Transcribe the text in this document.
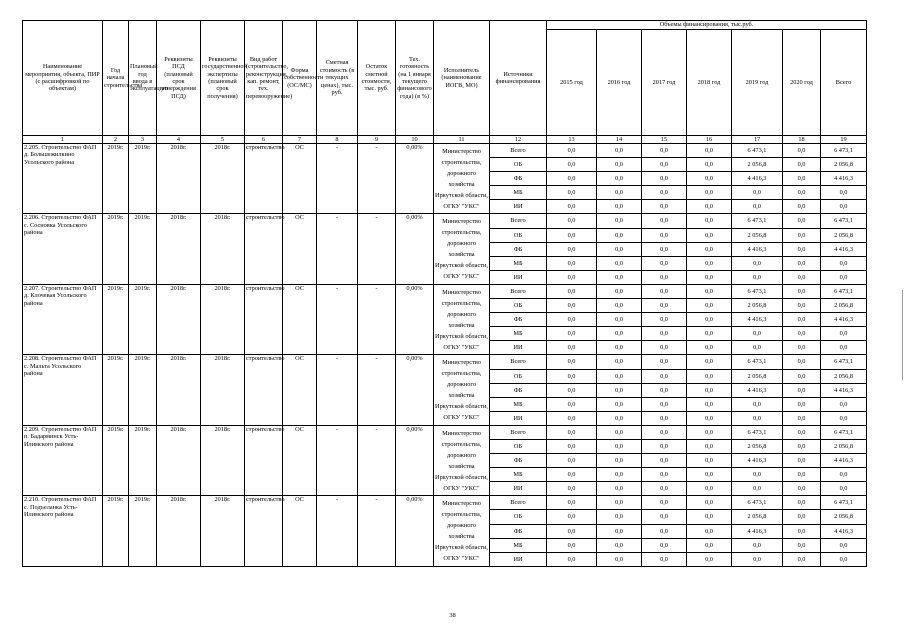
Наименование мероприятия, объекта, ПИР (с расшифровкой по объектам)	Год начала строительства	Плановый год ввода в эксплуатацию	Реквизиты ПСД (плановый срок утверждения ПСД)	Реквизиты государственной экспертизы (плановый срок получения)	Вид работ (строительство, реконструкция, кап. ремонт, тех. перевооружение)	Форма собственности (ОС/МС)	Сметная стоимость (в текущих ценах), тыс. руб.	Остаток сметной стоимости, тыс. руб.	Тех. готовность (на 1 января текущего финансового года) (в %)	Исполнитель (наименование ИОГВ, МО)	Источники финансирования	Объемы финансирования, тыс.руб.						
												2015 год	2016 год	2017 год	2018 год	2019 год	2020 год	Всего
1	2	3	4	5	6	7	8	9	10	11	12	13	14	15	16	17	18	19
2.205. Строительство ФАП д. Большежилкино Усольского района	2019г.	2019г.	2018г.	2018г.	строительство	ОС	-	-	0,00%	Министерство строительства, дорожного хозяйства Иркутской области, ОГКУ "УКС"	Всего	0,0	0,0	0,0	0,0	6 473,1	0,0	6 473,1
											ОБ	0,0	0,0	0,0	0,0	2 056,8	0,0	2 056,8
											ФБ	0,0	0,0	0,0	0,0	4 416,3	0,0	4 416,3
											МБ	0,0	0,0	0,0	0,0	0,0	0,0	0,0
											ИИ	0,0	0,0	0,0	0,0	0,0	0,0	0,0
2.206. Строительство ФАП с. Сосновка Усольского района	2019г.	2019г.	2018г.	2018г.	строительство	ОС	-	-	0,00%	Министерство строительства, дорожного хозяйства Иркутской области, ОГКУ "УКС"	Всего	0,0	0,0	0,0	0,0	6 473,1	0,0	6 473,1
											ОБ	0,0	0,0	0,0	0,0	2 056,8	0,0	2 056,8
											ФБ	0,0	0,0	0,0	0,0	4 416,3	0,0	4 416,3
											МБ	0,0	0,0	0,0	0,0	0,0	0,0	0,0
											ИИ	0,0	0,0	0,0	0,0	0,0	0,0	0,0
2.207. Строительство ФАП д. Клочевая Усольского района	2019г.	2019г.	2018г.	2018г.	строительство	ОС	-	-	0,00%	Министерство строительства, дорожного хозяйства Иркутской области, ОГКУ "УКС"	Всего	0,0	0,0	0,0	0,0	6 473,1	0,0	6 473,1
											ОБ	0,0	0,0	0,0	0,0	2 056,8	0,0	2 056,8
											ФБ	0,0	0,0	0,0	0,0	4 416,3	0,0	4 416,3
											МБ	0,0	0,0	0,0	0,0	0,0	0,0	0,0
											ИИ	0,0	0,0	0,0	0,0	0,0	0,0	0,0
2.208. Строительство ФАП с. Мальта Усольского района	2019г.	2019г.	2018г.	2018г.	строительство	ОС	-	-	0,00%	Министерство строительства, дорожного хозяйства Иркутской области, ОГКУ "УКС"	Всего	0,0	0,0	0,0	0,0	6 473,1	0,0	6 473,1
											ОБ	0,0	0,0	0,0	0,0	2 056,8	0,0	2 056,8
											ФБ	0,0	0,0	0,0	0,0	4 416,3	0,0	4 416,3
											МБ	0,0	0,0	0,0	0,0	0,0	0,0	0,0
											ИИ	0,0	0,0	0,0	0,0	0,0	0,0	0,0
2.209. Строительство ФАП п. Бадарминск Усть-Илимского района	2019г.	2019г.	2018г.	2018г.	строительство	ОС	-	-	0,00%	Министерство строительства, дорожного хозяйства Иркутской области, ОГКУ "УКС"	Всего	0,0	0,0	0,0	0,0	6 473,1	0,0	6 473,1
											ОБ	0,0	0,0	0,0	0,0	2 056,8	0,0	2 056,8
											ФБ	0,0	0,0	0,0	0,0	4 416,3	0,0	4 416,3
											МБ	0,0	0,0	0,0	0,0	0,0	0,0	0,0
											ИИ	0,0	0,0	0,0	0,0	0,0	0,0	0,0
2.210. Строительство ФАП с. Подъеланка Усть-Илимского района	2019г.	2019г.	2018г.	2018г.	строительство	ОС	-	-	0,00%	Министерство строительства, дорожного хозяйства Иркутской области, ОГКУ "УКС"	Всего	0,0	0,0	0,0	0,0	6 473,1	0,0	6 473,1
											ОБ	0,0	0,0	0,0	0,0	2 056,8	0,0	2 056,8
											ФБ	0,0	0,0	0,0	0,0	4 416,3	0,0	4 416,3
											МБ	0,0	0,0	0,0	0,0	0,0	0,0	0,0
											ИИ	0,0	0,0	0,0	0,0	0,0	0,0	0,0
38
